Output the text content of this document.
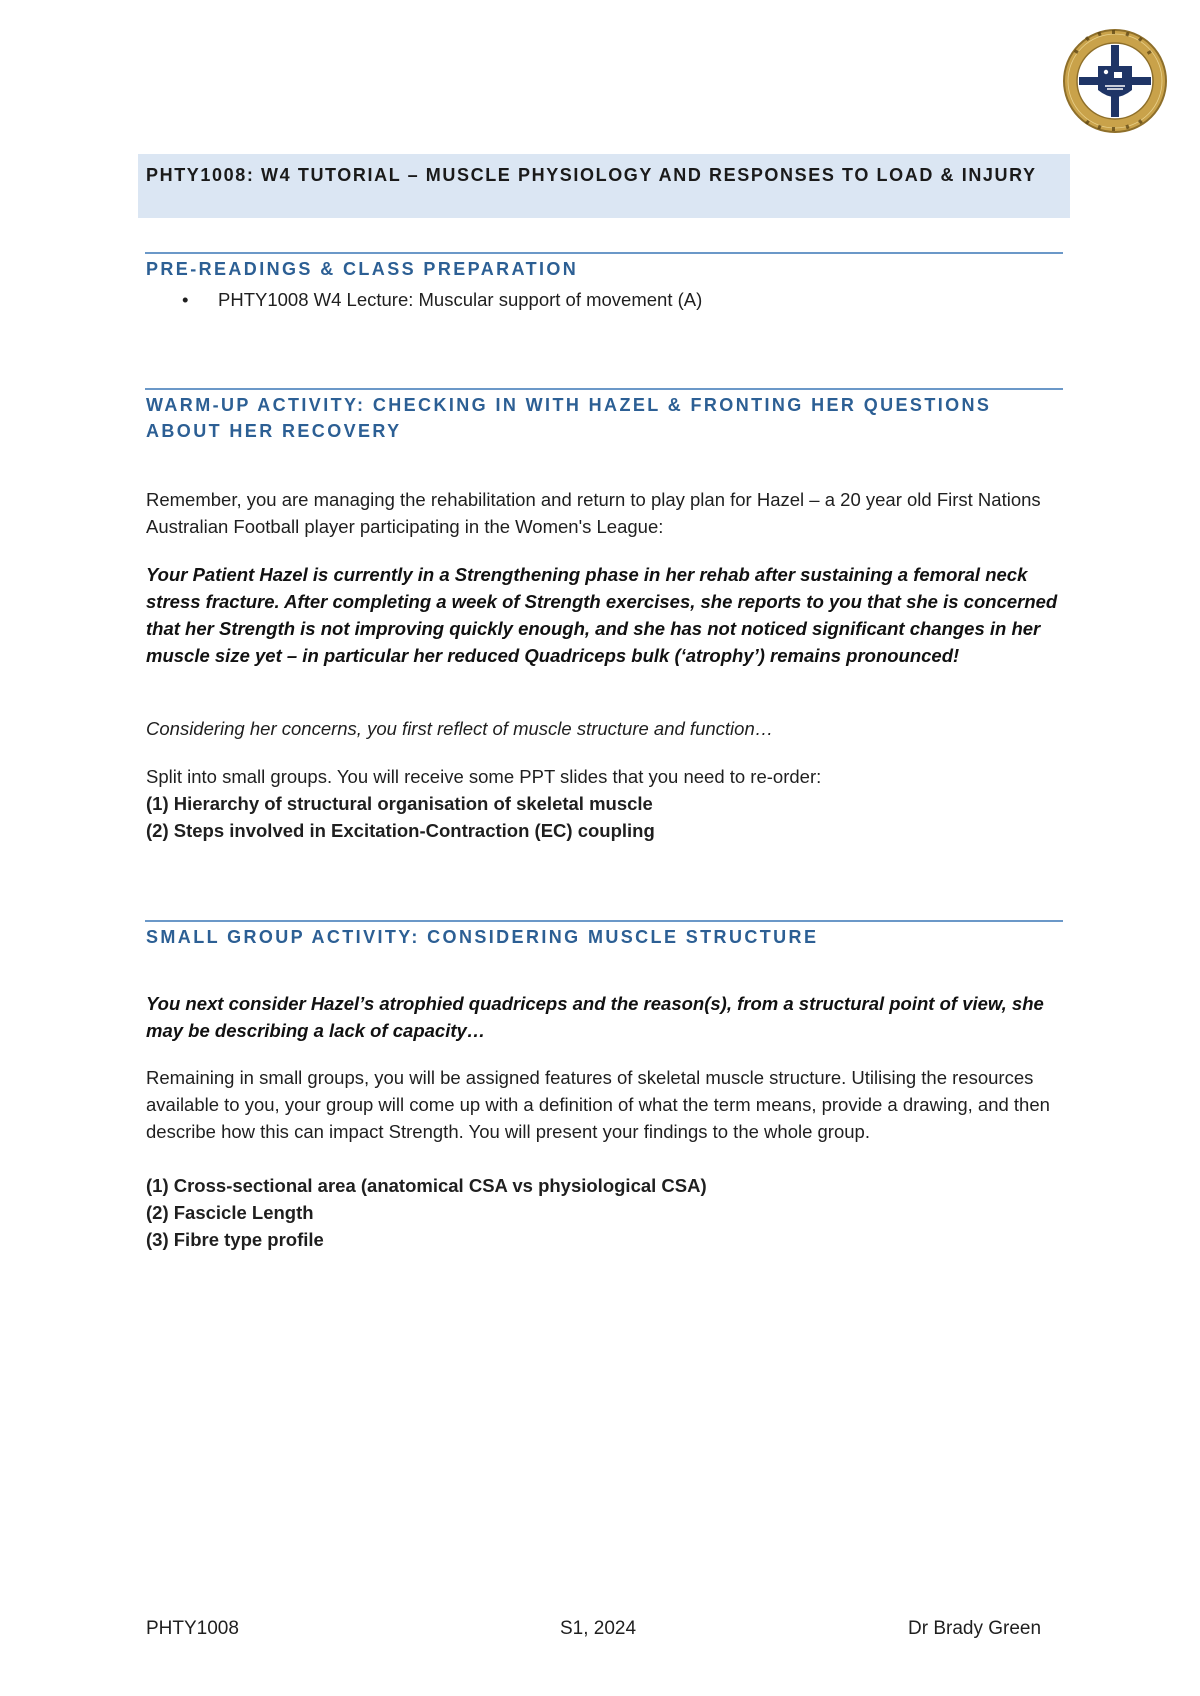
PHTY1008: W4 TUTORIAL – MUSCLE PHYSIOLOGY AND RESPONSES TO LOAD & INJURY
PRE-READINGS & CLASS PREPARATION
• PHTY1008 W4 Lecture: Muscular support of movement (A)
WARM-UP ACTIVITY: CHECKING IN WITH HAZEL & FRONTING HER QUESTIONS ABOUT HER RECOVERY
Remember, you are managing the rehabilitation and return to play plan for Hazel – a 20 year old First Nations Australian Football player participating in the Women's League:
Your Patient Hazel is currently in a Strengthening phase in her rehab after sustaining a femoral neck stress fracture. After completing a week of Strength exercises, she reports to you that she is concerned that her Strength is not improving quickly enough, and she has not noticed significant changes in her muscle size yet – in particular her reduced Quadriceps bulk (‘atrophy’) remains pronounced!
Considering her concerns, you first reflect of muscle structure and function…
Split into small groups. You will receive some PPT slides that you need to re-order:
(1) Hierarchy of structural organisation of skeletal muscle
(2) Steps involved in Excitation-Contraction (EC) coupling
SMALL GROUP ACTIVITY: CONSIDERING MUSCLE STRUCTURE
You next consider Hazel’s atrophied quadriceps and the reason(s), from a structural point of view, she may be describing a lack of capacity…
Remaining in small groups, you will be assigned features of skeletal muscle structure. Utilising the resources available to you, your group will come up with a definition of what the term means, provide a drawing, and then describe how this can impact Strength. You will present your findings to the whole group.
(1) Cross-sectional area (anatomical CSA vs physiological CSA)
(2) Fascicle Length
(3) Fibre type profile
PHTY1008	S1, 2024	Dr Brady Green
